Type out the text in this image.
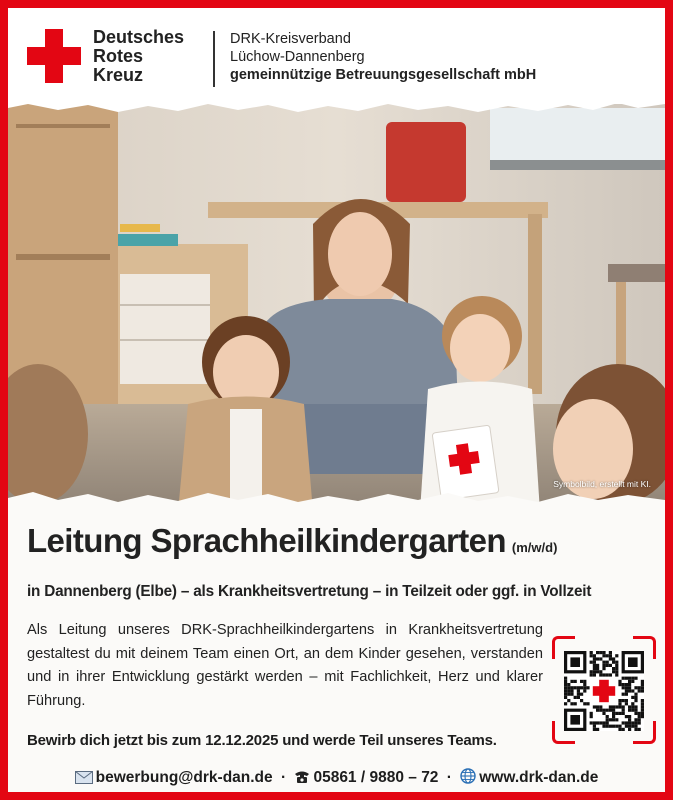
Deutsches
Rotes
Kreuz
DRK-Kreisverband
Lüchow-Dannenberg
gemeinnützige Betreuungsgesellschaft mbH
Symbolbild, erstellt mit KI.
Leitung Sprachheilkindergarten (m/w/d)
in Dannenberg (Elbe) – als Krankheitsvertretung – in Teilzeit oder ggf. in Vollzeit
Als Leitung unseres DRK-Sprachheilkindergartens in Krankheitsvertretung gestaltest du mit deinem Team einen Ort, an dem Kinder gesehen, verstanden und in ihrer Entwicklung gestärkt werden – mit Fachlichkeit, Herz und klarer Führung.
Bewirb dich jetzt bis zum 12.12.2025 und werde Teil unseres Teams.
bewerbung@drk-dan.de · 05861 / 9880 – 72 · www.drk-dan.de
